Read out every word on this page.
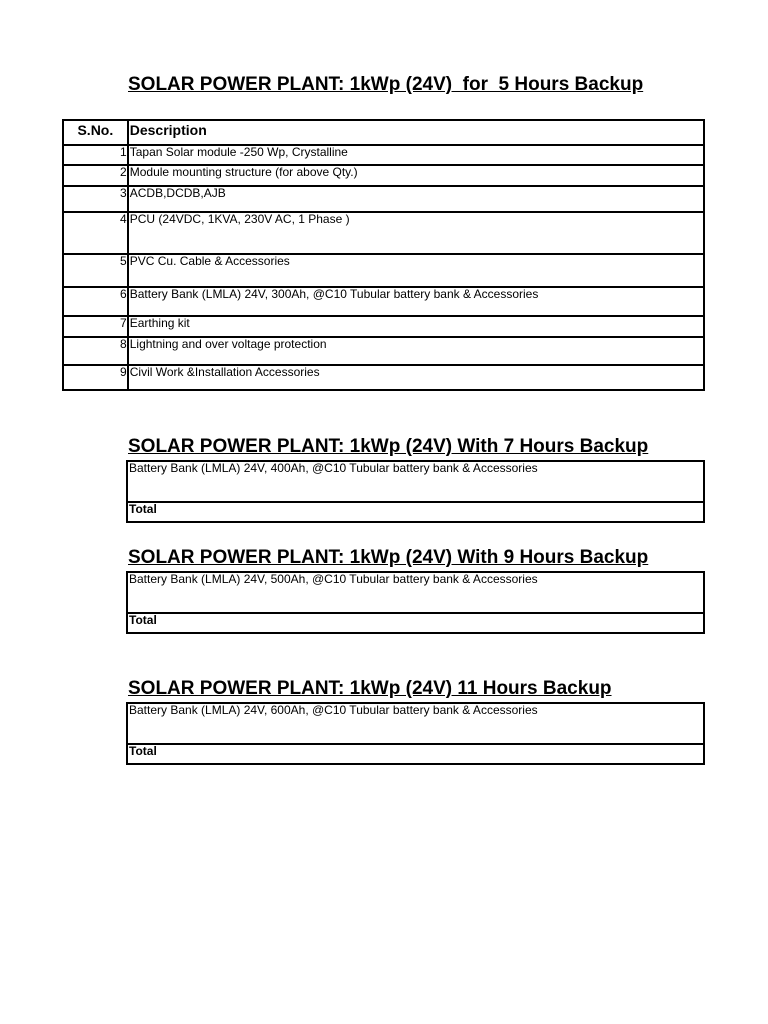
SOLAR POWER PLANT: 1kWp (24V)  for  5 Hours Backup
S.No.	Description
1	Tapan Solar module -250 Wp, Crystalline
2	Module mounting structure (for above Qty.)
3	ACDB,DCDB,AJB
4	PCU (24VDC, 1KVA, 230V AC, 1 Phase )
5	PVC Cu. Cable & Accessories
6	Battery Bank (LMLA) 24V, 300Ah, @C10 Tubular battery bank & Accessories
7	Earthing kit
8	Lightning and over voltage protection
9	Civil Work &Installation Accessories
SOLAR POWER PLANT: 1kWp (24V) With 7 Hours Backup
Battery Bank (LMLA) 24V, 400Ah, @C10 Tubular battery bank & Accessories
Total
SOLAR POWER PLANT: 1kWp (24V) With 9 Hours Backup
Battery Bank (LMLA) 24V, 500Ah, @C10 Tubular battery bank & Accessories
Total
SOLAR POWER PLANT: 1kWp (24V) 11 Hours Backup
Battery Bank (LMLA) 24V, 600Ah, @C10 Tubular battery bank & Accessories
Total
